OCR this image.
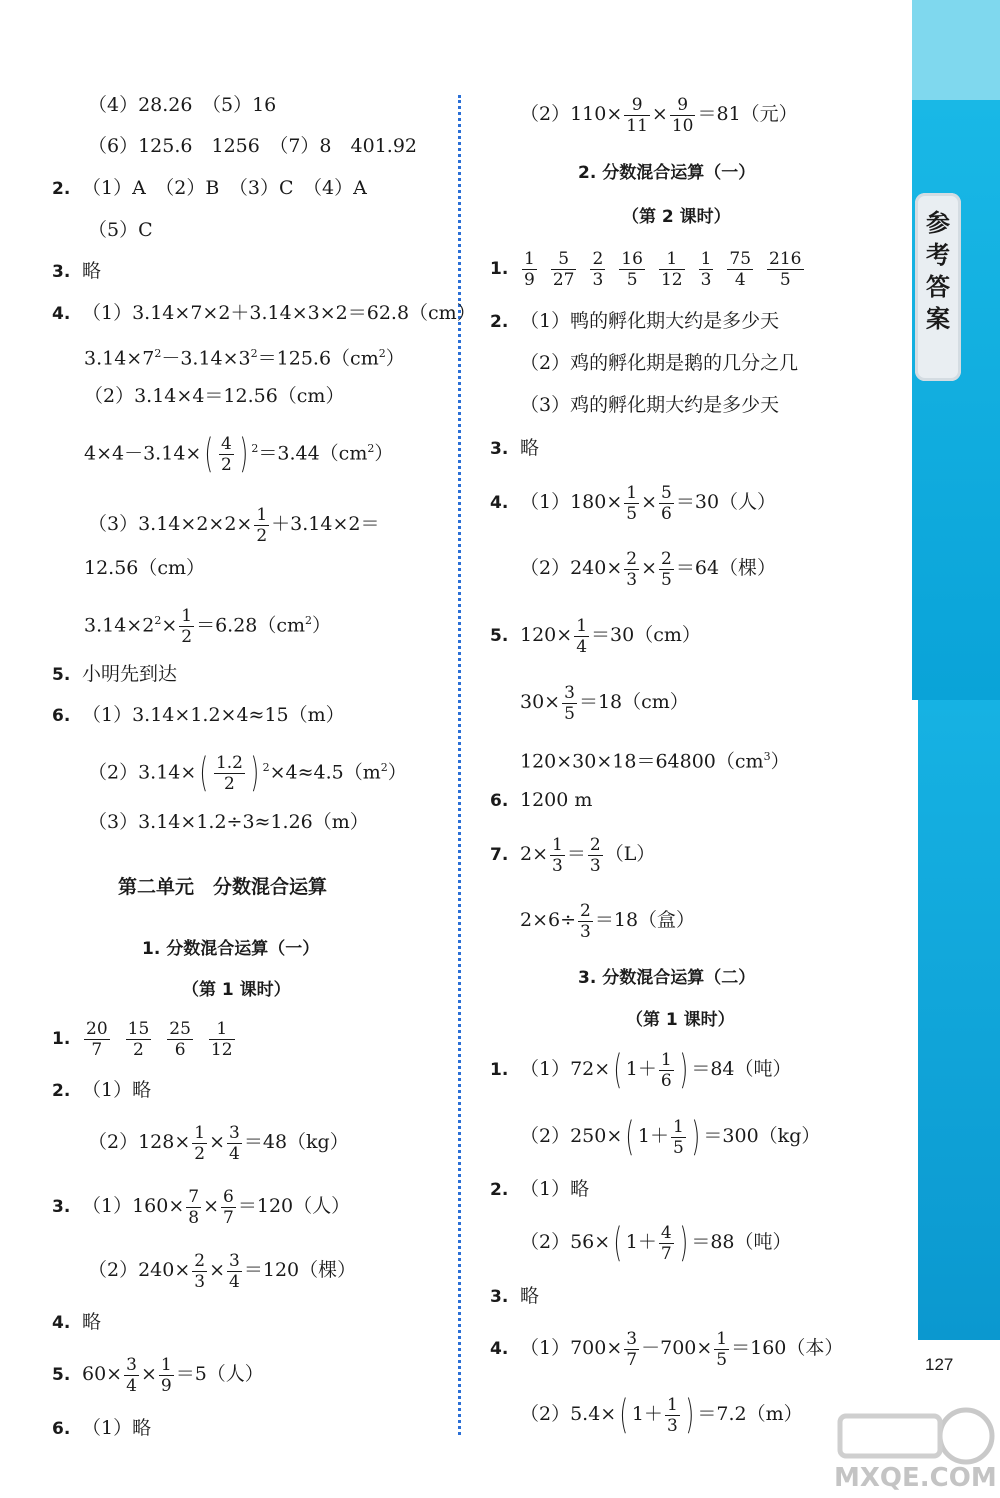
参考答案
（4）28.26　（5）16
（6）125.6　1256　（7）8　401.92
2. （1）A　（2）B　（3）C　（4）A
（5）C
3. 略
4. （1）3.14×7×2＋3.14×3×2＝62.8（cm）
$3.14\times 7^2-3.14\times 3^2=125.6(cm^2)$
（2）3.14×4＝12.56（cm）
$4\times 4-3.14\times( \frac{4}{2}$ ) $^2=3.44(cm^2)$
$(3)3.14\times 2\times 2\times \frac{1}{2} +3.14\times 2=$
12.56（cm）
$3.14\times 2^2\times \frac{1}{2} =6.28(cm^2)$
5. 小明先到达
6. （1）3.14×1.2×4≈15（m）
$(2)3.14\times( \frac{1.2}{2}$ ) $^2\times 4\approx 4.5(m^2)$
（3）3.14×1.2÷3≈1.26（m）
第二单元　分数混合运算
1. 分数混合运算（一）
（第 1 课时）
1. $\frac{20}{7} \frac{15}{2} \frac{25}{6} \frac{1}{12}$
2. （1）略
$(2)128\times \frac{1}{2} \times \frac{3}{4} =48(kg)$
3. $(1)160\times \frac{7}{8} \times \frac{6}{7} =120$（人）
$(2)240\times \frac{2}{3} \times \frac{3}{4} =120$（棵）
4. 略
5. $60\times \frac{3}{4} \times \frac{1}{9} =5$（人）
6. （1）略
$(2)110\times \frac{9}{11} \times \frac{9}{10} =81$（元）
2. 分数混合运算（一）
（第 2 课时）
1. $\frac{1}{9} \frac{5}{27} \frac{2}{3} \frac{16}{5} \frac{1}{12} \frac{1}{3} \frac{75}{4} \frac{216}{5}$
2. （1）鸭的孵化期大约是多少天
（2）鸡的孵化期是鹅的几分之几
（3）鸡的孵化期大约是多少天
3. 略
4. $(1)180\times \frac{1}{5} \times \frac{5}{6} =30$（人）
$(2)240\times \frac{2}{3} \times \frac{2}{5} =64$（棵）
5. $120\times \frac{1}{4} =30(cm)$
$30\times \frac{3}{5} =18(cm)$
$120\times 30\times 18=64800(cm^3)$
6. 1200 m
7. $2\times \frac{1}{3} = \frac{2}{3} (L)$
$2\times 6\div \frac{2}{3} =18$（盒）
3. 分数混合运算（二）
（第 1 课时）
1. （1）72×( $1+ \frac{1}{6}$ ) ＝84（吨）
（2）250×( $1+ \frac{1}{5}$ ) ＝300（kg）
2. （1）略
（2）56×( $1+ \frac{4}{7}$ ) ＝88（吨）
3. 略
4. $(1)700\times \frac{3}{7} -700\times \frac{1}{5} =160$（本）
（2）5.4×( $1+ \frac{1}{3}$ ) ＝7.2（m）
127
MXQE.COM
